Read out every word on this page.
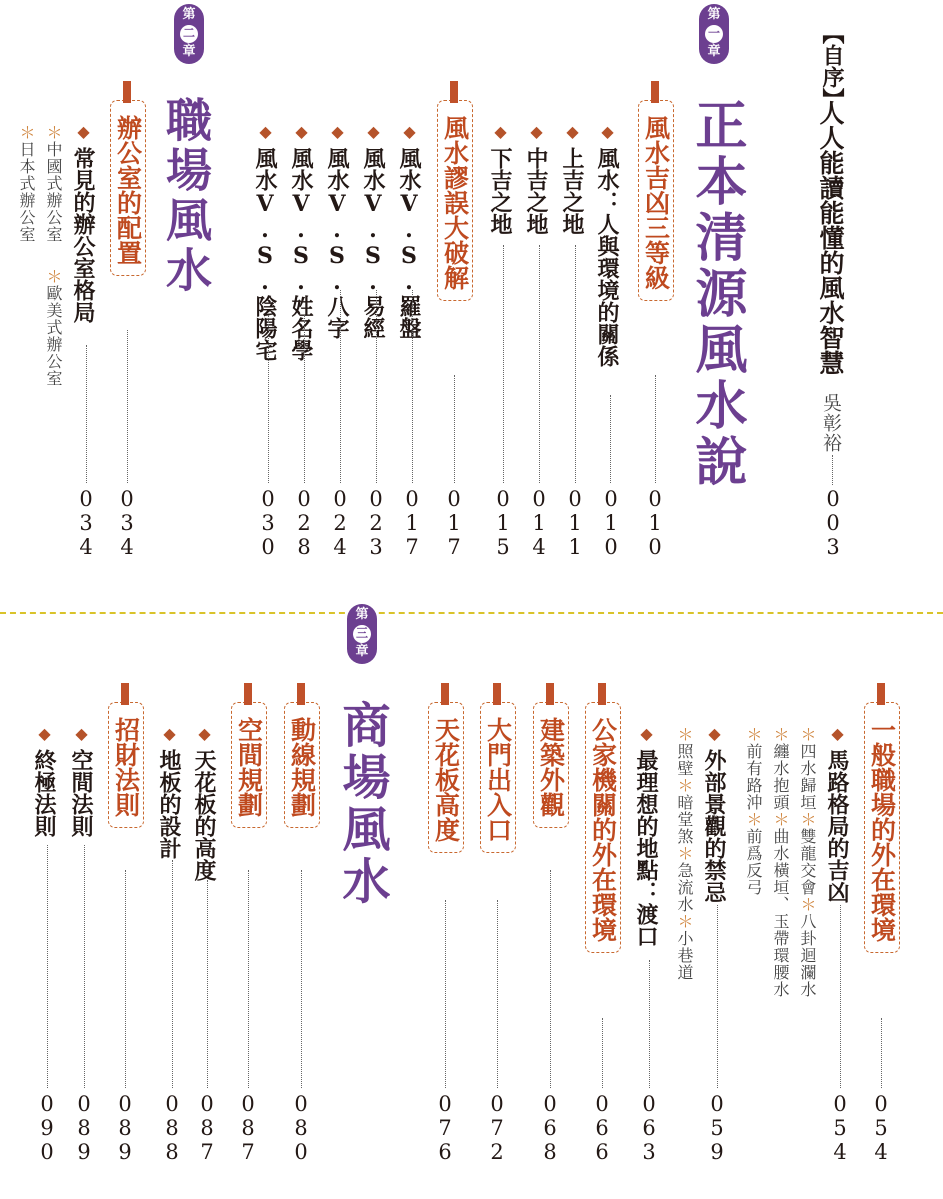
【自序】
人人能讀能懂的風水智慧
吳彰裕
003
第
一
章
正本清源風水說
風水吉凶三等級
010
◆風水：人與環境的關係
010
◆上吉之地
011
◆中吉之地
014
◆下吉之地
015
風水謬誤大破解
017
◆風水V.S.羅盤
017
◆風水V.S.易經
023
◆風水V.S.八字
024
◆風水V.S.姓名學
028
◆風水V.S.陰陽宅
030
第
二
章
職場風水
辦公室的配置
034
◆常見的辦公室格局
034
＊中國式辦公室　＊歐美式辦公室
＊日本式辦公室
第
三
章
商場風水	一般職場的外在環境
054
◆馬路格局的吉凶
054
＊四水歸垣＊雙龍交會＊八卦迴瀾水
＊纏水抱頭＊曲水橫垣、玉帶環腰水
＊前有路沖＊前爲反弓
◆外部景觀的禁忌
059
＊照壁＊暗堂煞＊急流水＊小巷道
◆最理想的地點：渡口
063
公家機關的外在環境
066
建築外觀
068
大門出入口
072
天花板高度
076
動線規劃
080
空間規劃
087
◆天花板的高度
087
◆地板的設計
088
招財法則
089
◆空間法則
089
◆終極法則
090
